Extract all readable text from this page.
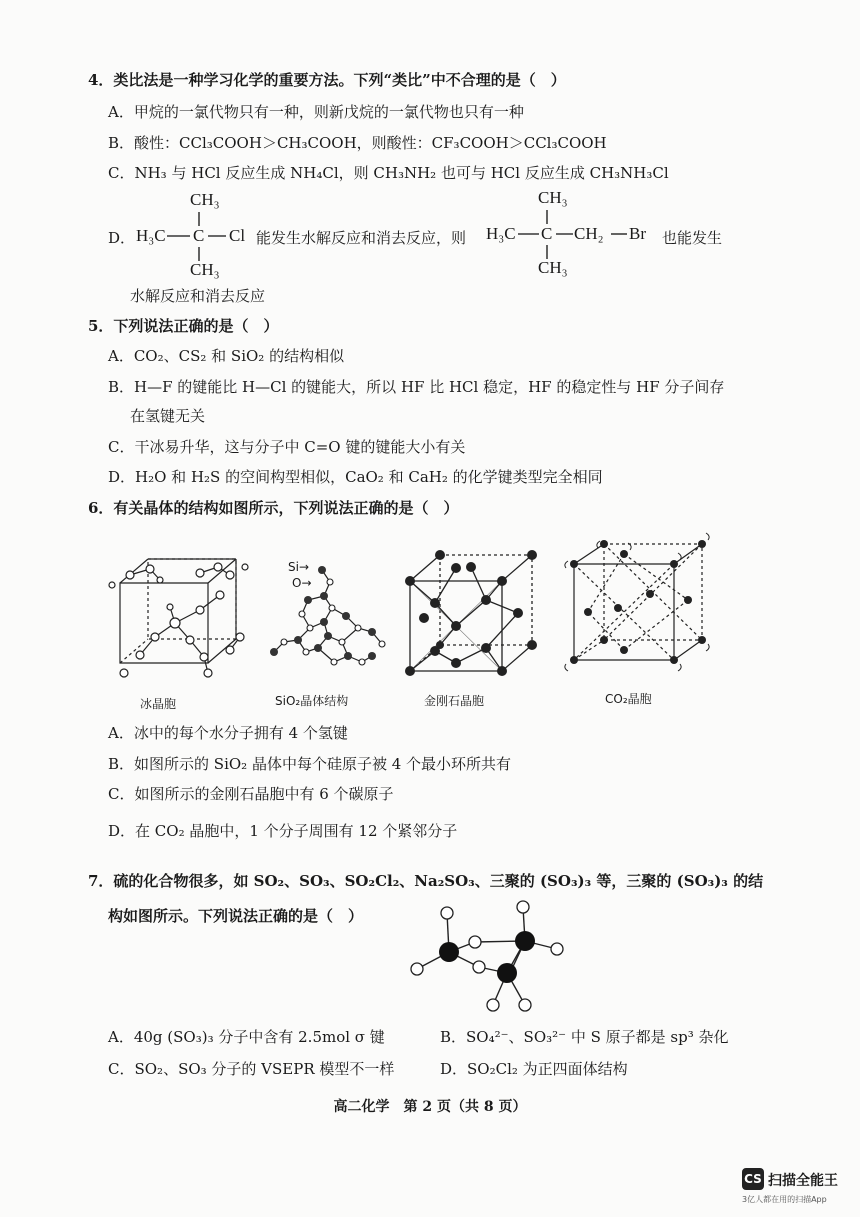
4．类比法是一种学习化学的重要方法。下列“类比”中不合理的是（　）
A．甲烷的一氯代物只有一种，则新戊烷的一氯代物也只有一种
B．酸性：CCl₃COOH＞CH₃COOH，则酸性：CF₃COOH＞CCl₃COOH
C．NH₃ 与 HCl 反应生成 NH₄Cl，则 CH₃NH₂ 也可与 HCl 反应生成 CH₃NH₃Cl
D．
CH₃
H₃C C Cl
CH₃
能发生水解反应和消去反应，则
CH₃
H₃C C CH₂ Br
CH₃
也能发生
水解反应和消去反应
5．下列说法正确的是（　）
A．CO₂、CS₂ 和 SiO₂ 的结构相似
B．H—F 的键能比 H—Cl 的键能大，所以 HF 比 HCl 稳定，HF 的稳定性与 HF 分子间存
在氢键无关
C．干冰易升华，这与分子中 C=O 键的键能大小有关
D．H₂O 和 H₂S 的空间构型相似，CaO₂ 和 CaH₂ 的化学键类型完全相同
6．有关晶体的结构如图所示，下列说法正确的是（　）
冰晶胞
Si→
O→
SiO₂晶体结构	金刚石晶胞	CO₂晶胞
A．冰中的每个水分子拥有 4 个氢键
B．如图所示的 SiO₂ 晶体中每个硅原子被 4 个最小环所共有
C．如图所示的金刚石晶胞中有 6 个碳原子
D．在 CO₂ 晶胞中，1 个分子周围有 12 个紧邻分子
7．硫的化合物很多，如 SO₂、SO₃、SO₂Cl₂、Na₂SO₃、三聚的 (SO₃)₃ 等，三聚的 (SO₃)₃ 的结
构如图所示。下列说法正确的是（　）
A．40g (SO₃)₃ 分子中含有 2.5mol σ 键	B．SO₄²⁻、SO₃²⁻ 中 S 原子都是 sp³ 杂化
C．SO₂、SO₃ 分子的 VSEPR 模型不一样	D．SO₂Cl₂ 为正四面体结构
高二化学　第 2 页（共 8 页）
CS 扫描全能王
3亿人都在用的扫描App
